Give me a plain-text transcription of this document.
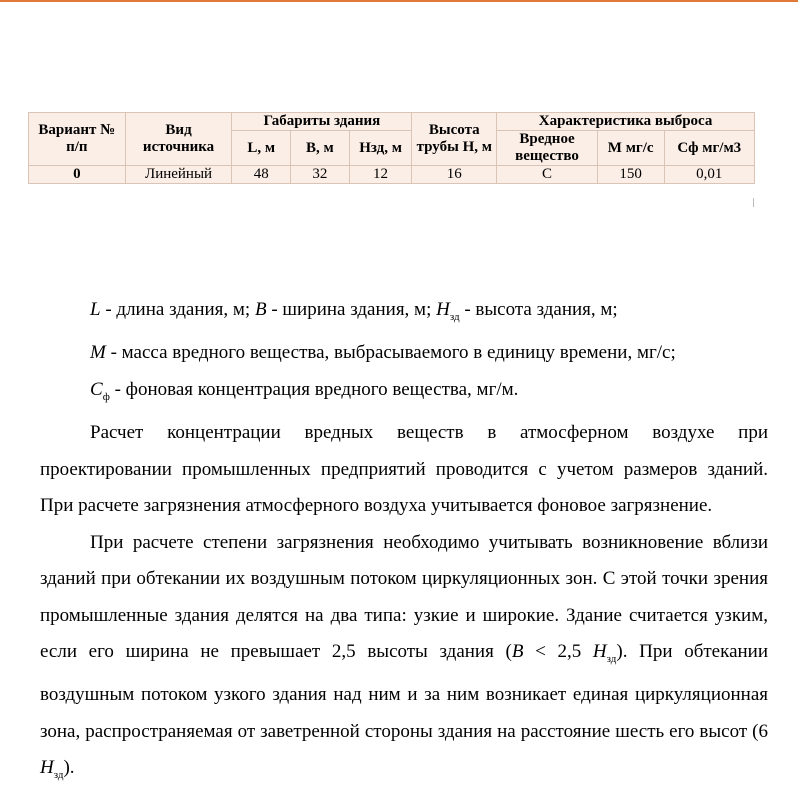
Вариант № п/п	Вид источника	Габариты здания			Высота трубы Н, м	Характеристика выброса		
		L, м	В, м	Нзд, м		Вредное вещество	М мг/с	Сф мг/м3
0	Линейный	48	32	12	16	С	150	0,01

L - длина здания, м; B - ширина здания, м; $H_{зд}$ - высота здания, м;

M - масса вредного вещества, выбрасываемого в единицу времени, мг/с;

$С_ф$ - фоновая концентрация вредного вещества, мг/м.

Расчет концентрации вредных веществ в атмосферном воздухе при проектировании промышленных предприятий проводится с учетом размеров зданий. При расчете загрязнения атмосферного воздуха учитывается фоновое загрязнение.

При расчете степени загрязнения необходимо учитывать возникновение вблизи зданий при обтекании их воздушным потоком циркуляционных зон. С этой точки зрения промышленные здания делятся на два типа: узкие и широкие. Здание считается узким, если его ширина не превышает 2,5 высоты здания (В < 2,5 $Н_{зд}$). При обтекании воздушным потоком узкого здания над ним и за ним возникает единая циркуляционная зона, распространяемая от заветренной стороны здания на расстояние шесть его высот (6 $Н_{зд}$).
